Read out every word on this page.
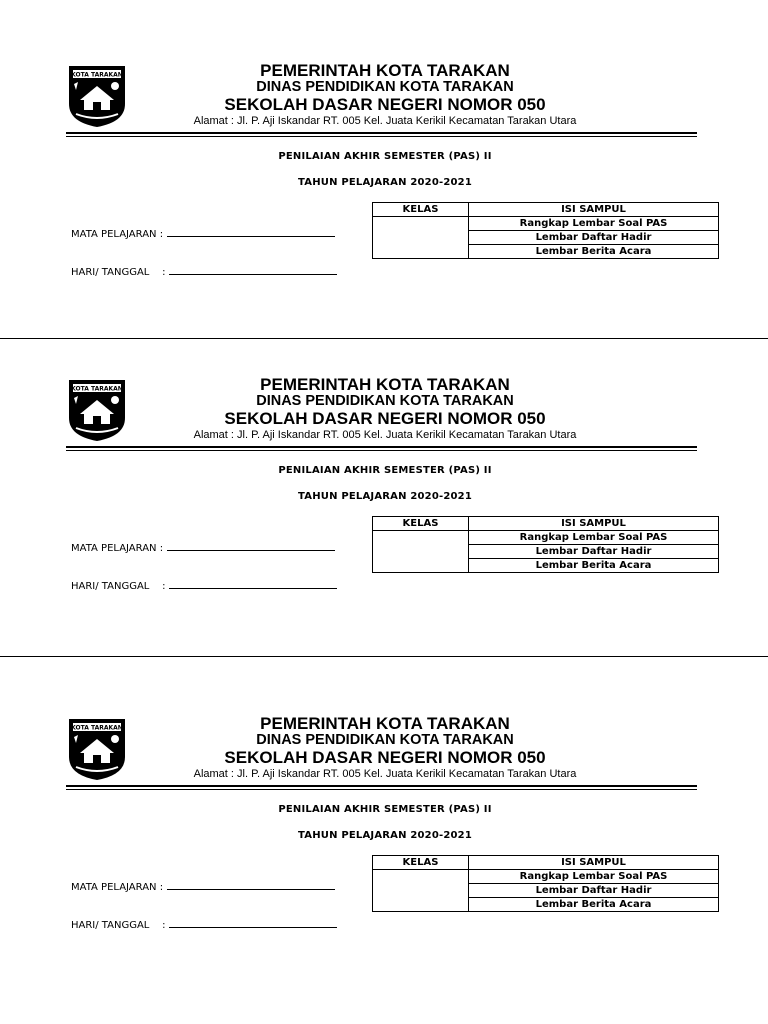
KOTA TARAKAN	PEMERINTAH KOTA TARAKAN
DINAS PENDIDIKAN KOTA TARAKAN
SEKOLAH DASAR NEGERI NOMOR 050
Alamat : Jl. P. Aji Iskandar RT. 005 Kel. Juata Kerikil Kecamatan Tarakan Utara
PENILAIAN AKHIR SEMESTER (PAS) II
TAHUN PELAJARAN 2020-2021
MATA PELAJARAN :
HARI/ TANGGAL    :
KELAS	ISI SAMPUL
	Rangkap Lembar Soal PAS
	Lembar Daftar Hadir
	Lembar Berita Acara
KOTA TARAKAN	PEMERINTAH KOTA TARAKAN
DINAS PENDIDIKAN KOTA TARAKAN
SEKOLAH DASAR NEGERI NOMOR 050
Alamat : Jl. P. Aji Iskandar RT. 005 Kel. Juata Kerikil Kecamatan Tarakan Utara
PENILAIAN AKHIR SEMESTER (PAS) II
TAHUN PELAJARAN 2020-2021
MATA PELAJARAN :
HARI/ TANGGAL    :
KELAS	ISI SAMPUL
	Rangkap Lembar Soal PAS
	Lembar Daftar Hadir
	Lembar Berita Acara
KOTA TARAKAN	PEMERINTAH KOTA TARAKAN
DINAS PENDIDIKAN KOTA TARAKAN
SEKOLAH DASAR NEGERI NOMOR 050
Alamat : Jl. P. Aji Iskandar RT. 005 Kel. Juata Kerikil Kecamatan Tarakan Utara
PENILAIAN AKHIR SEMESTER (PAS) II
TAHUN PELAJARAN 2020-2021
MATA PELAJARAN :
HARI/ TANGGAL    :
KELAS	ISI SAMPUL
	Rangkap Lembar Soal PAS
	Lembar Daftar Hadir
	Lembar Berita Acara
